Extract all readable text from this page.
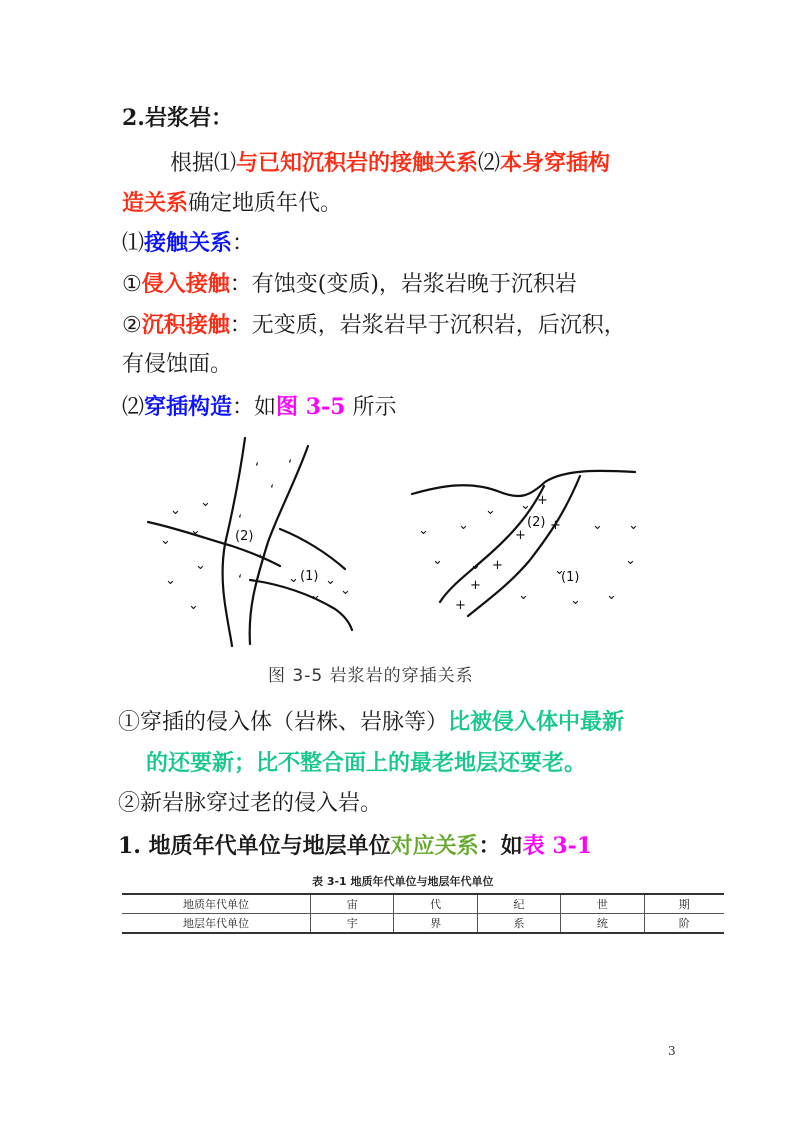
2.岩浆岩：
根据⑴与已知沉积岩的接触关系⑵本身穿插构
造关系确定地质年代。
⑴接触关系：
①侵入接触：有蚀变(变质)，岩浆岩晚于沉积岩
②沉积接触：无变质，岩浆岩早于沉积岩，后沉积，
有侵蚀面。
⑵穿插构造：如图 3-5 所示
⌄
⌄
⌄
⌄
⌄
⌄
⌄
⌄
⌄
⌄
⌄
ʻ
ʻ ʻ
ʻ
ʻ
ʻ
⌄
⌄
⌄
⌄
⌄ ⌄
⌄ ⌄
⌄
⌄
⌄	⌄ ⌄
+
+
+
+
+
+
(2)
(1)
(2)
(1)
图 3-5 岩浆岩的穿插关系
①穿插的侵入体（岩株、岩脉等）比被侵入体中最新
的还要新；比不整合面上的最老地层还要老。
②新岩脉穿过老的侵入岩。
1. 地质年代单位与地层单位对应关系：如表 3-1
表 3-1 地质年代单位与地层年代单位
地质年代单位	宙	代	纪	世	期
地层年代单位	宇	界	系	统	阶
3
